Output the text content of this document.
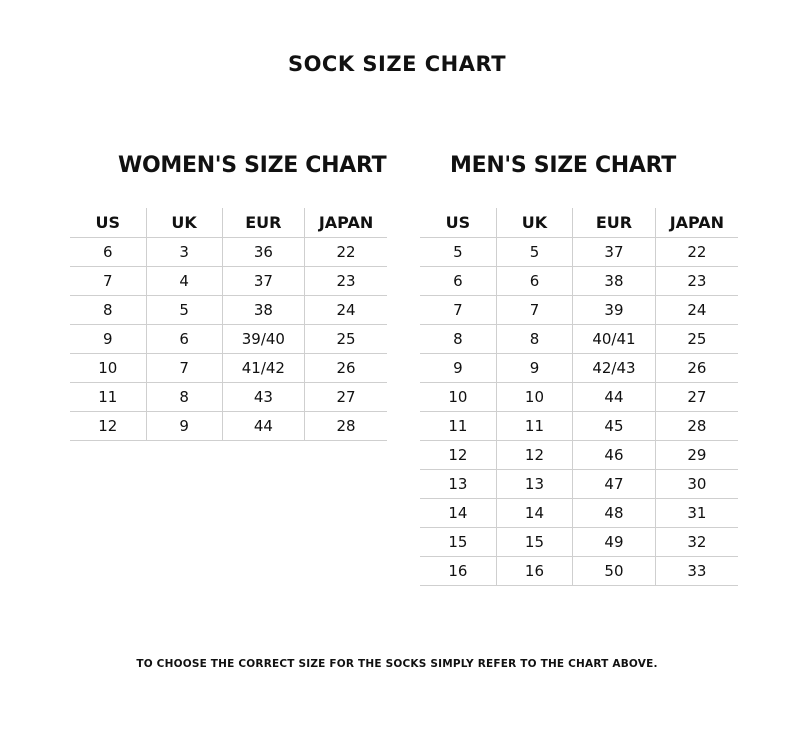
SOCK SIZE CHART
WOMEN'S SIZE CHART	MEN'S SIZE CHART
US	UK	EUR	JAPAN
6	3	36	22
7	4	37	23
8	5	38	24
9	6	39/40	25
10	7	41/42	26
11	8	43	27
12	9	44	28
US	UK	EUR	JAPAN
5	5	37	22
6	6	38	23
7	7	39	24
8	8	40/41	25
9	9	42/43	26
10	10	44	27
11	11	45	28
12	12	46	29
13	13	47	30
14	14	48	31
15	15	49	32
16	16	50	33
TO CHOOSE THE CORRECT SIZE FOR THE SOCKS SIMPLY REFER TO THE CHART ABOVE.
